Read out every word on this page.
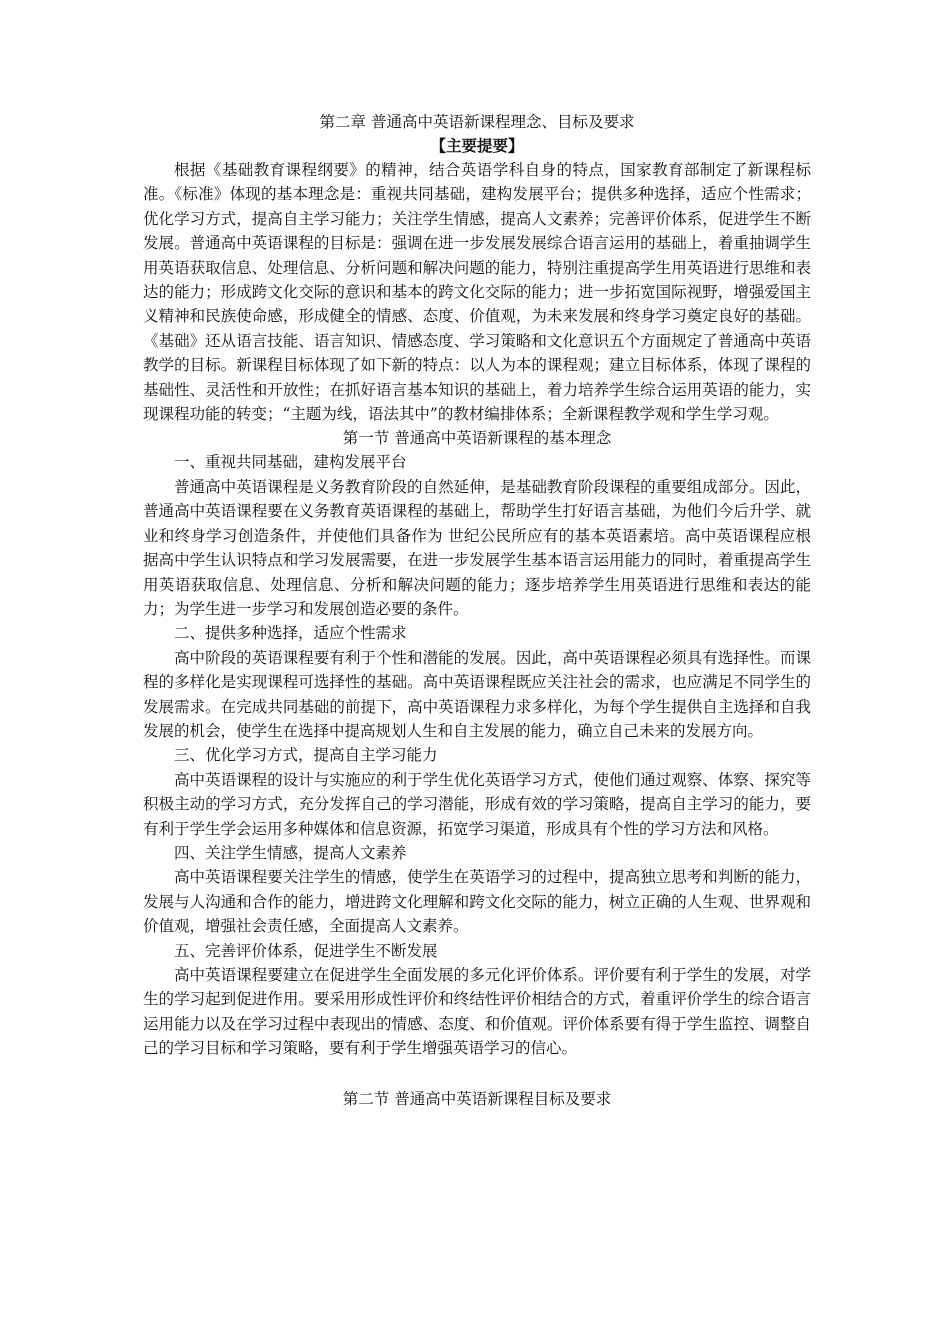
第二章 普通高中英语新课程理念、目标及要求
【主要提要】

根据《基础教育课程纲要》的精神，结合英语学科自身的特点，国家教育部制定了新课程标准。《标准》体现的基本理念是：重视共同基础，建构发展平台；提供多种选择，适应个性需求；优化学习方式，提高自主学习能力；关注学生情感，提高人文素养；完善评价体系，促进学生不断发展。普通高中英语课程的目标是：强调在进一步发展发展综合语言运用的基础上，着重抽调学生用英语获取信息、处理信息、分析问题和解决问题的能力，特别注重提高学生用英语进行思维和表达的能力；形成跨文化交际的意识和基本的跨文化交际的能力；进一步拓宽国际视野，增强爱国主义精神和民族使命感，形成健全的情感、态度、价值观，为未来发展和终身学习奠定良好的基础。《基础》还从语言技能、语言知识、情感态度、学习策略和文化意识五个方面规定了普通高中英语教学的目标。新课程目标体现了如下新的特点：以人为本的课程观；建立目标体系，体现了课程的基础性、灵活性和开放性；在抓好语言基本知识的基础上，着力培养学生综合运用英语的能力，实现课程功能的转变；“主题为线，语法其中”的教材编排体系；全新课程教学观和学生学习观。

第一节 普通高中英语新课程的基本理念
一、重视共同基础，建构发展平台

普通高中英语课程是义务教育阶段的自然延伸，是基础教育阶段课程的重要组成部分。因此，普通高中英语课程要在义务教育英语课程的基础上，帮助学生打好语言基础，为他们今后升学、就业和终身学习创造条件，并使他们具备作为 世纪公民所应有的基本英语素培。高中英语课程应根据高中学生认识特点和学习发展需要，在进一步发展学生基本语言运用能力的同时，着重提高学生用英语获取信息、处理信息、分析和解决问题的能力；逐步培养学生用英语进行思维和表达的能力；为学生进一步学习和发展创造必要的条件。

二、提供多种选择，适应个性需求

高中阶段的英语课程要有利于个性和潜能的发展。因此，高中英语课程必须具有选择性。而课程的多样化是实现课程可选择性的基础。高中英语课程既应关注社会的需求，也应满足不同学生的发展需求。在完成共同基础的前提下，高中英语课程力求多样化，为每个学生提供自主选择和自我发展的机会，使学生在选择中提高规划人生和自主发展的能力，确立自己未来的发展方向。

三、优化学习方式，提高自主学习能力

高中英语课程的设计与实施应的利于学生优化英语学习方式，使他们通过观察、体察、探究等积极主动的学习方式，充分发挥自己的学习潜能，形成有效的学习策略，提高自主学习的能力，要有利于学生学会运用多种媒体和信息资源，拓宽学习渠道，形成具有个性的学习方法和风格。

四、关注学生情感，提高人文素养

高中英语课程要关注学生的情感，使学生在英语学习的过程中，提高独立思考和判断的能力，发展与人沟通和合作的能力，增进跨文化理解和跨文化交际的能力，树立正确的人生观、世界观和价值观，增强社会责任感，全面提高人文素养。

五、完善评价体系，促进学生不断发展

高中英语课程要建立在促进学生全面发展的多元化评价体系。评价要有利于学生的发展，对学生的学习起到促进作用。要采用形成性评价和终结性评价相结合的方式，着重评价学生的综合语言运用能力以及在学习过程中表现出的情感、态度、和价值观。评价体系要有得于学生监控、调整自己的学习目标和学习策略，要有利于学生增强英语学习的信心。

第二节 普通高中英语新课程目标及要求
